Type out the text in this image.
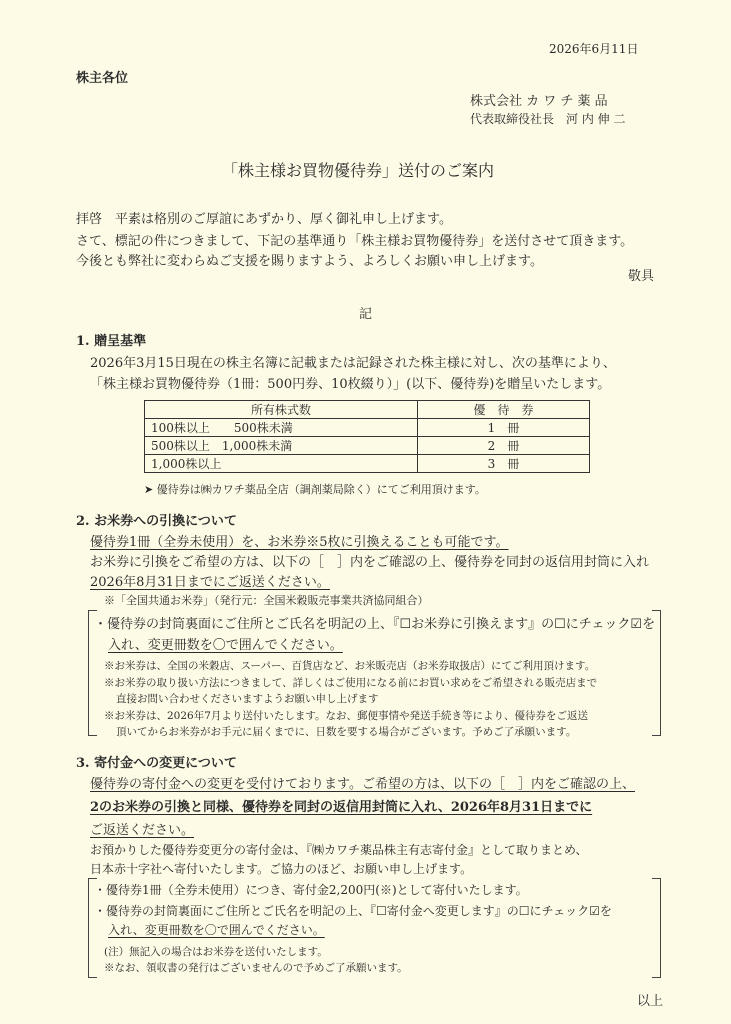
2026年6月11日
株主各位
株式会社 カ ワ チ 薬 品
代表取締役社長　河 内 伸 二
「株主様お買物優待券」送付のご案内
拝啓　平素は格別のご厚誼にあずかり、厚く御礼申し上げます。
さて、標記の件につきまして、下記の基準通り「株主様お買物優待券」を送付させて頂きます。
今後とも弊社に変わらぬご支援を賜りますよう、よろしくお願い申し上げます。
敬具
記
1. 贈呈基準
2026年3月15日現在の株主名簿に記載または記録された株主様に対し、次の基準により、
「株主様お買物優待券（1冊：500円券、10枚綴り）」(以下、優待券)を贈呈いたします。
所有株式数	優　待　券
100株以上　　500株未満	1　冊
500株以上　1,000株未満	2　冊
1,000株以上	3　冊
➤ 優待券は㈱カワチ薬品全店（調剤薬局除く）にてご利用頂けます。
2. お米券への引換について
優待券1冊（全券未使用）を、お米券※5枚に引換えることも可能です。
お米券に引換をご希望の方は、以下の［　］内をご確認の上、優待券を同封の返信用封筒に入れ
2026年8月31日までにご返送ください。
※「全国共通お米券」（発行元：全国米穀販売事業共済協同組合）
・優待券の封筒裏面にご住所とご氏名を明記の上、『☐お米券に引換えます』の☐にチェック☑を
入れ、変更冊数を〇で囲んでください。
※お米券は、全国の米穀店、スーパー、百貨店など、お米販売店（お米券取扱店）にてご利用頂けます。
※お米券の取り扱い方法につきまして、詳しくはご使用になる前にお買い求めをご希望される販売店まで
直接お問い合わせくださいますようお願い申し上げます
※お米券は、2026年7月より送付いたします。なお、郵便事情や発送手続き等により、優待券をご返送
頂いてからお米券がお手元に届くまでに、日数を要する場合がございます。予めご了承願います。
3. 寄付金への変更について
優待券の寄付金への変更を受付けております。ご希望の方は、以下の［　］内をご確認の上、
2のお米券の引換と同様、優待券を同封の返信用封筒に入れ、2026年8月31日までに
ご返送ください。
お預かりした優待券変更分の寄付金は、『㈱カワチ薬品株主有志寄付金』として取りまとめ、
日本赤十字社へ寄付いたします。ご協力のほど、お願い申し上げます。
・優待券1冊（全券未使用）につき、寄付金2,200円(※)として寄付いたします。
・優待券の封筒裏面にご住所とご氏名を明記の上、『☐寄付金へ変更します』の☐にチェック☑を
入れ、変更冊数を〇で囲んでください。
(注）無記入の場合はお米券を送付いたします。
※なお、領収書の発行はございませんので予めご了承願います。
以上
